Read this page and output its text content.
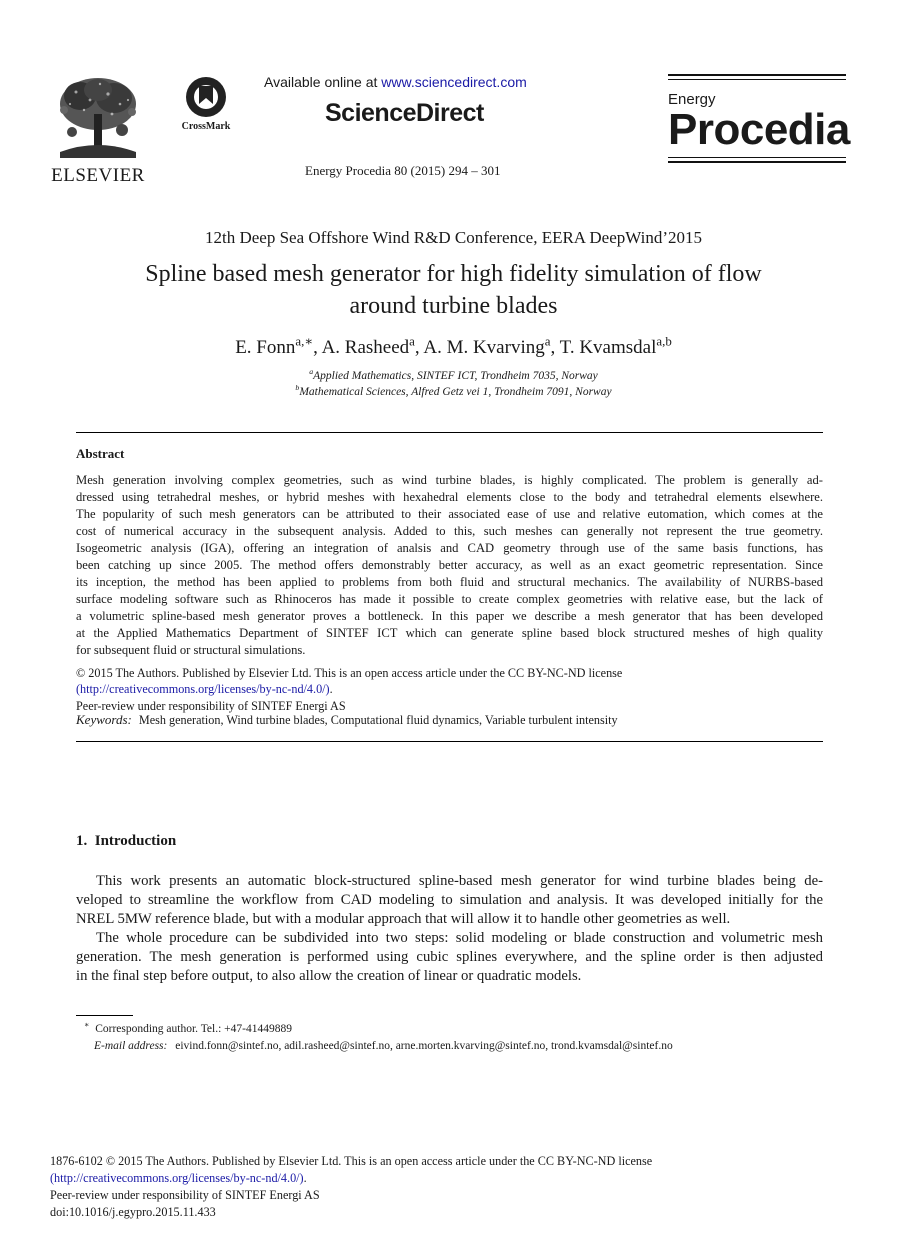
ELSEVIER
CrossMark
Available online at www.sciencedirect.com
ScienceDirect
Energy Procedia 80 (2015) 294 – 301
Energy
Procedia
12th Deep Sea Offshore Wind R&D Conference, EERA DeepWind’2015
Spline based mesh generator for high fidelity simulation of flow
around turbine blades
E. Fonn$^{a,∗}$, A. Rasheed$^a$, A. M. Kvarving$^a$, T. Kvamsdal$^{a,b}$
$^a$Applied Mathematics, SINTEF ICT, Trondheim 7035, Norway
$^b$Mathematical Sciences, Alfred Getz vei 1, Trondheim 7091, Norway
Abstract
Mesh generation involving complex geometries, such as wind turbine blades, is highly complicated. The problem is generally ad-
dressed using tetrahedral meshes, or hybrid meshes with hexahedral elements close to the body and tetrahedral elements elsewhere.
The popularity of such mesh generators can be attributed to their associated ease of use and relative eutomation, which comes at the
cost of numerical accuracy in the subsequent analysis. Added to this, such meshes can generally not represent the true geometry.
Isogeometric analysis (IGA), offering an integration of analsis and CAD geometry through use of the same basis functions, has
been catching up since 2005. The method offers demonstrably better accuracy, as well as an exact geometric representation. Since
its inception, the method has been applied to problems from both fluid and structural mechanics. The availability of NURBS-based
surface modeling software such as Rhinoceros has made it possible to create complex geometries with relative ease, but the lack of
a volumetric spline-based mesh generator proves a bottleneck. In this paper we describe a mesh generator that has been developed
at the Applied Mathematics Department of SINTEF ICT which can generate spline based block structured meshes of high quality
for subsequent fluid or structural simulations.
© 2015 The Authors. Published by Elsevier Ltd. This is an open access article under the CC BY-NC-ND license
(http://creativecommons.org/licenses/by-nc-nd/4.0/).
Peer-review under responsibility of SINTEF Energi AS
Keywords: Mesh generation, Wind turbine blades, Computational fluid dynamics, Variable turbulent intensity
1.  Introduction
This work presents an automatic block-structured spline-based mesh generator for wind turbine blades being de-
veloped to streamline the workflow from CAD modeling to simulation and analysis. It was developed initially for the
NREL 5MW reference blade, but with a modular approach that will allow it to handle other geometries as well.
The whole procedure can be subdivided into two steps: solid modeling or blade construction and volumetric mesh
generation. The mesh generation is performed using cubic splines everywhere, and the spline order is then adjusted
in the final step before output, to also allow the creation of linear or quadratic models.
∗ Corresponding author. Tel.: +47-41449889
E-mail address: eivind.fonn@sintef.no, adil.rasheed@sintef.no, arne.morten.kvarving@sintef.no, trond.kvamsdal@sintef.no
1876-6102 © 2015 The Authors. Published by Elsevier Ltd. This is an open access article under the CC BY-NC-ND license
(http://creativecommons.org/licenses/by-nc-nd/4.0/).
Peer-review under responsibility of SINTEF Energi AS
doi:10.1016/j.egypro.2015.11.433
